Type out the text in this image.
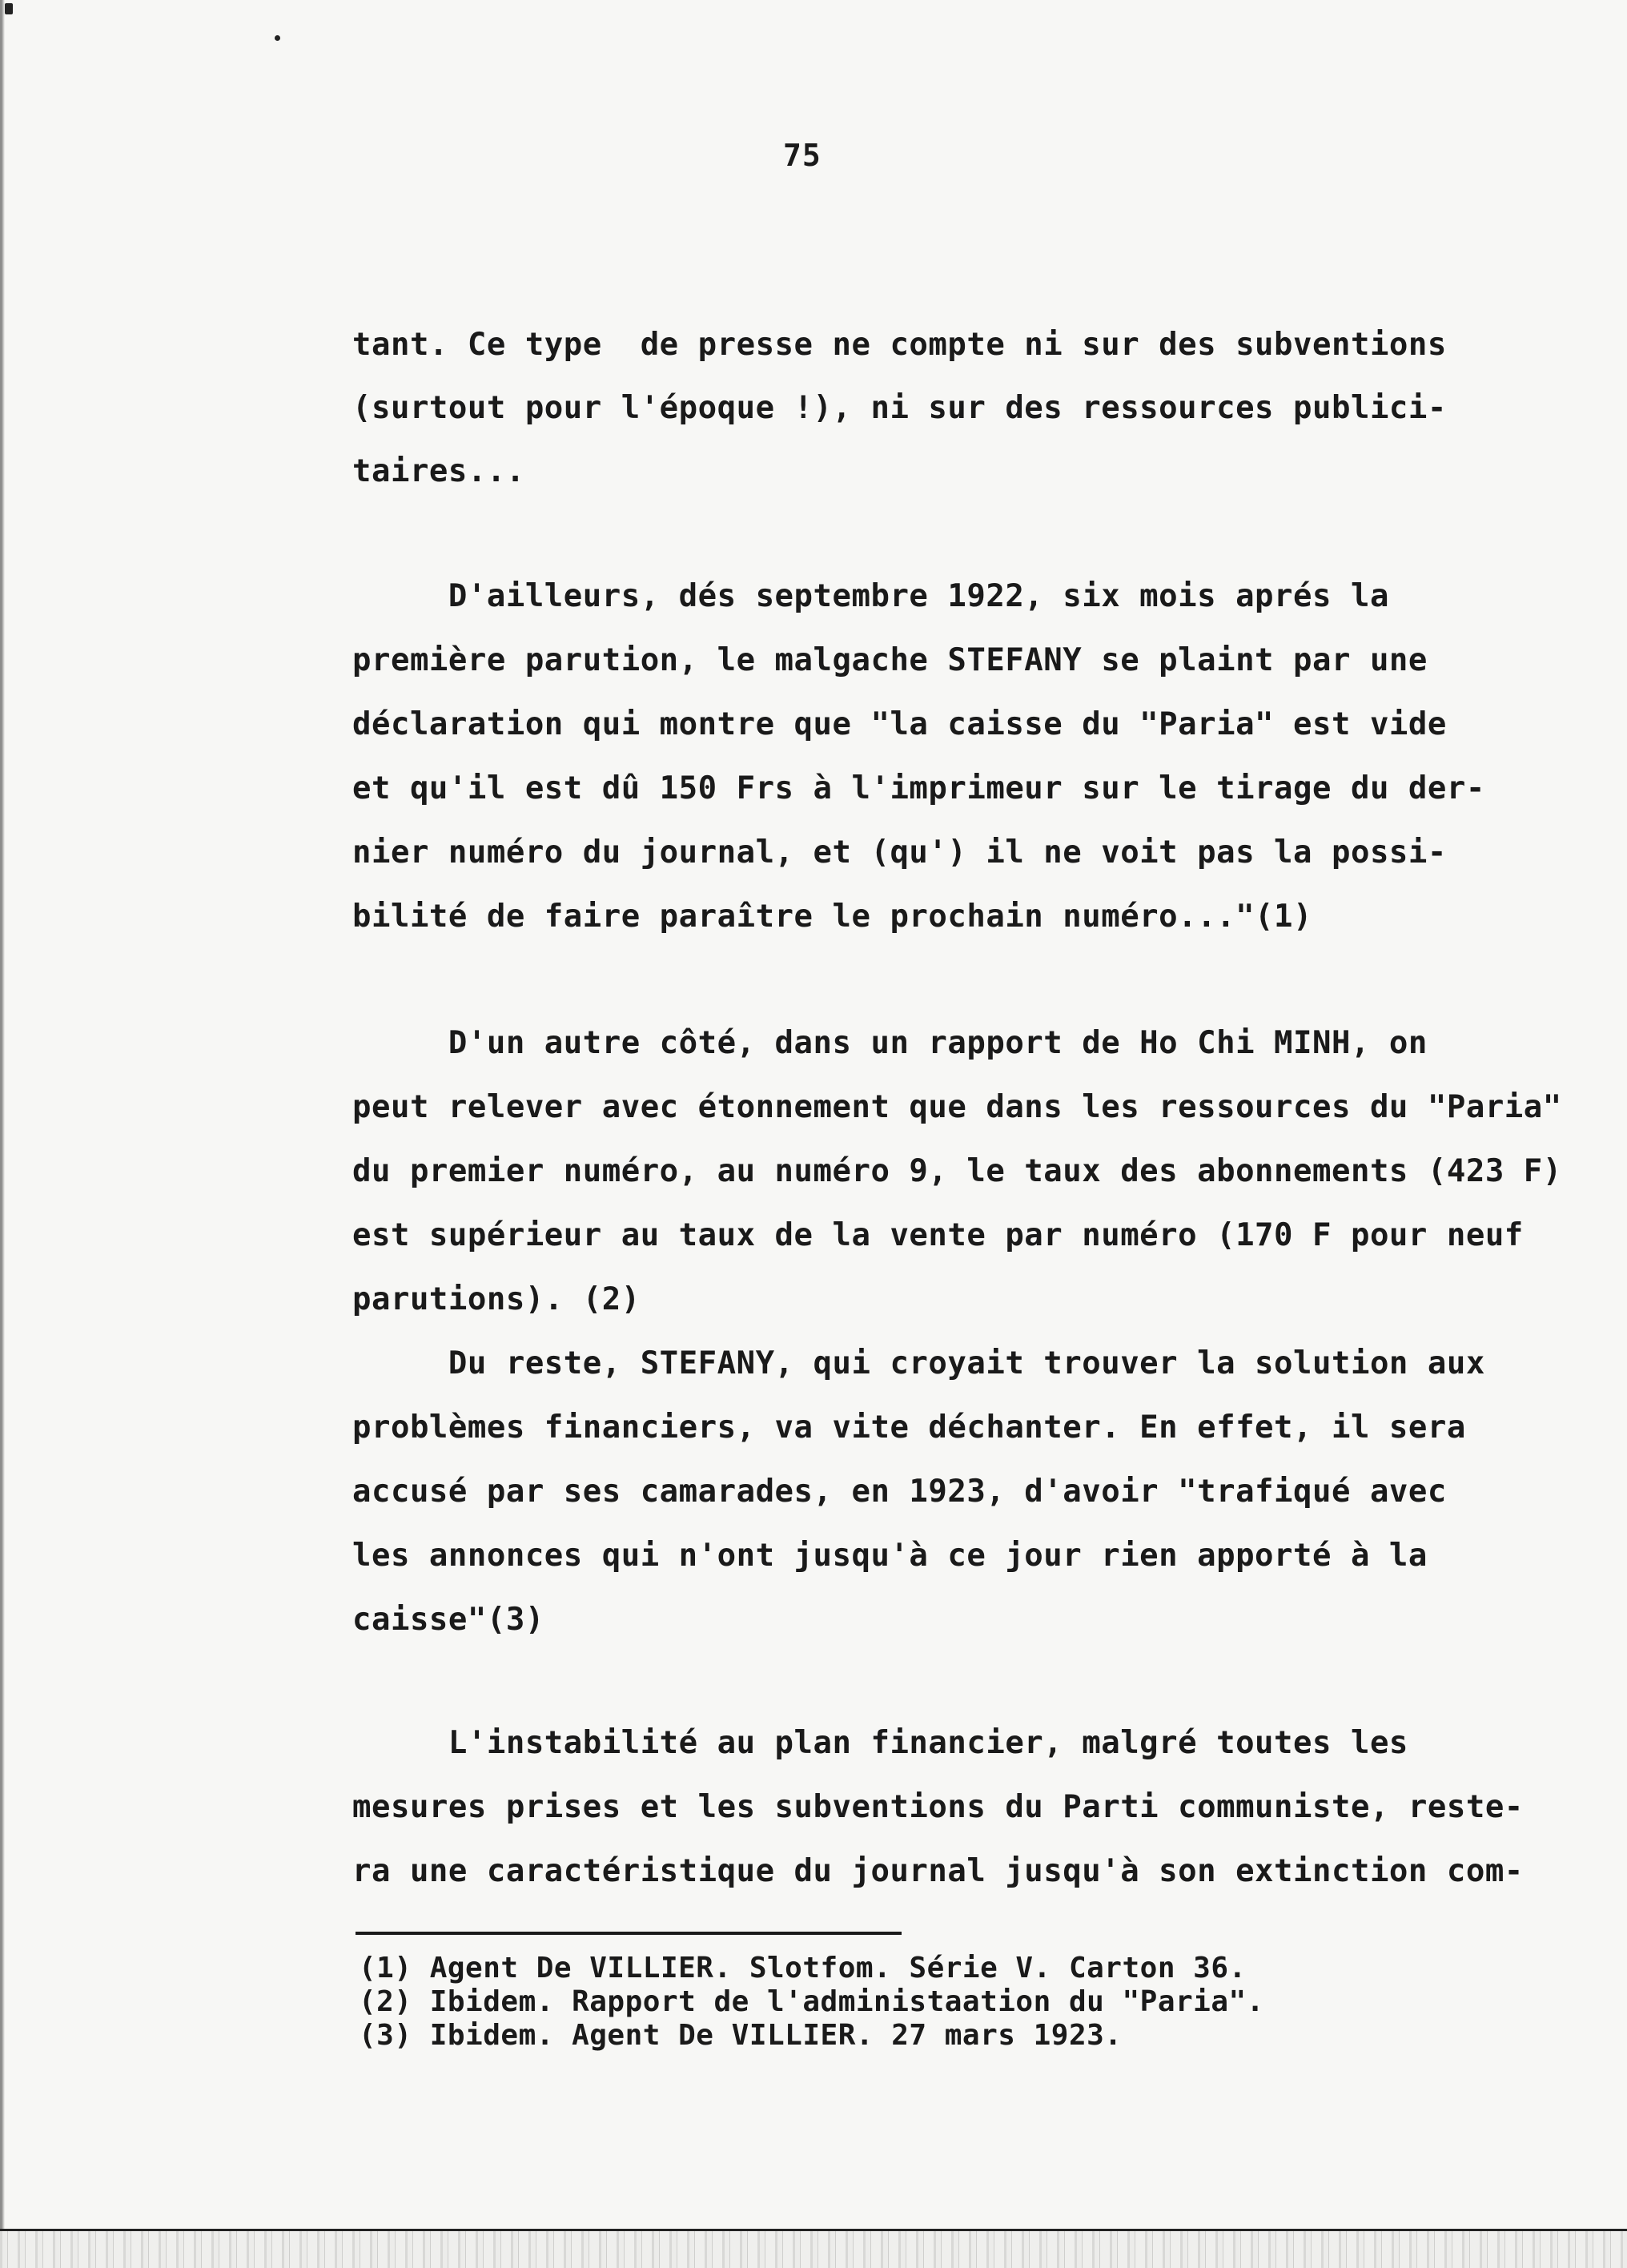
75
tant. Ce type  de presse ne compte ni sur des subventions
(surtout pour l'époque !), ni sur des ressources publici-
taires...
D'ailleurs, dés septembre 1922, six mois aprés la
première parution, le malgache STEFANY se plaint par une
déclaration qui montre que "la caisse du "Paria" est vide
et qu'il est dû 150 Frs à l'imprimeur sur le tirage du der-
nier numéro du journal, et (qu') il ne voit pas la possi-
bilité de faire paraître le prochain numéro..."(1)
D'un autre côté, dans un rapport de Ho Chi MINH, on
peut relever avec étonnement que dans les ressources du "Paria"
du premier numéro, au numéro 9, le taux des abonnements (423 F)
est supérieur au taux de la vente par numéro (170 F pour neuf
parutions). (2)
Du reste, STEFANY, qui croyait trouver la solution aux
problèmes financiers, va vite déchanter. En effet, il sera
accusé par ses camarades, en 1923, d'avoir "trafiqué avec
les annonces qui n'ont jusqu'à ce jour rien apporté à la
caisse"(3)
L'instabilité au plan financier, malgré toutes les
mesures prises et les subventions du Parti communiste, reste-
ra une caractéristique du journal jusqu'à son extinction com-
(1) Agent De VILLIER. Slotfom. Série V. Carton 36.
(2) Ibidem. Rapport de l'administaation du "Paria".
(3) Ibidem. Agent De VILLIER. 27 mars 1923.
